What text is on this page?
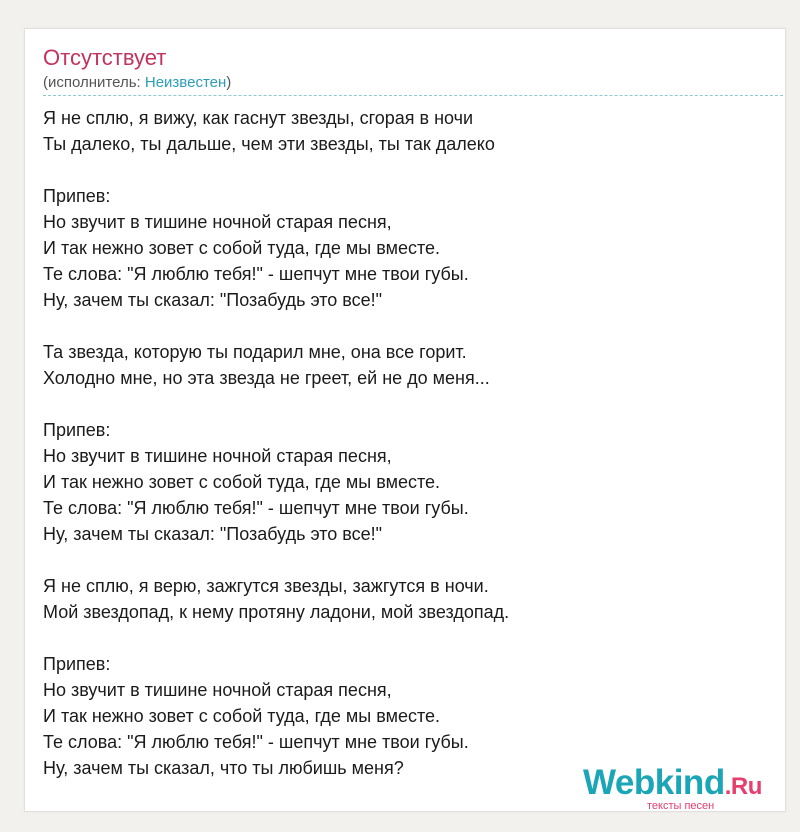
Отсутствует
(исполнитель: Неизвестен)
Я не сплю, я вижу, как гаснут звезды, сгорая в ночи
Ты далеко, ты дальше, чем эти звезды, ты так далеко

Припев:
Но звучит в тишине ночной старая песня,
И так нежно зовет с собой туда, где мы вместе.
Те слова: "Я люблю тебя!" - шепчут мне твои губы.
Ну, зачем ты сказал: "Позабудь это все!"

Та звезда, которую ты подарил мне, она все горит.
Холодно мне, но эта звезда не греет, ей не до меня...

Припев:
Но звучит в тишине ночной старая песня,
И так нежно зовет с собой туда, где мы вместе.
Те слова: "Я люблю тебя!" - шепчут мне твои губы.
Ну, зачем ты сказал: "Позабудь это все!"

Я не сплю, я верю, зажгутся звезды, зажгутся в ночи.
Мой звездопад, к нему протяну ладони, мой звездопад.

Припев:
Но звучит в тишине ночной старая песня,
И так нежно зовет с собой туда, где мы вместе.
Те слова: "Я люблю тебя!" - шепчут мне твои губы.
Ну, зачем ты сказал, что ты любишь меня?	Webkind.Ru
тексты песен
